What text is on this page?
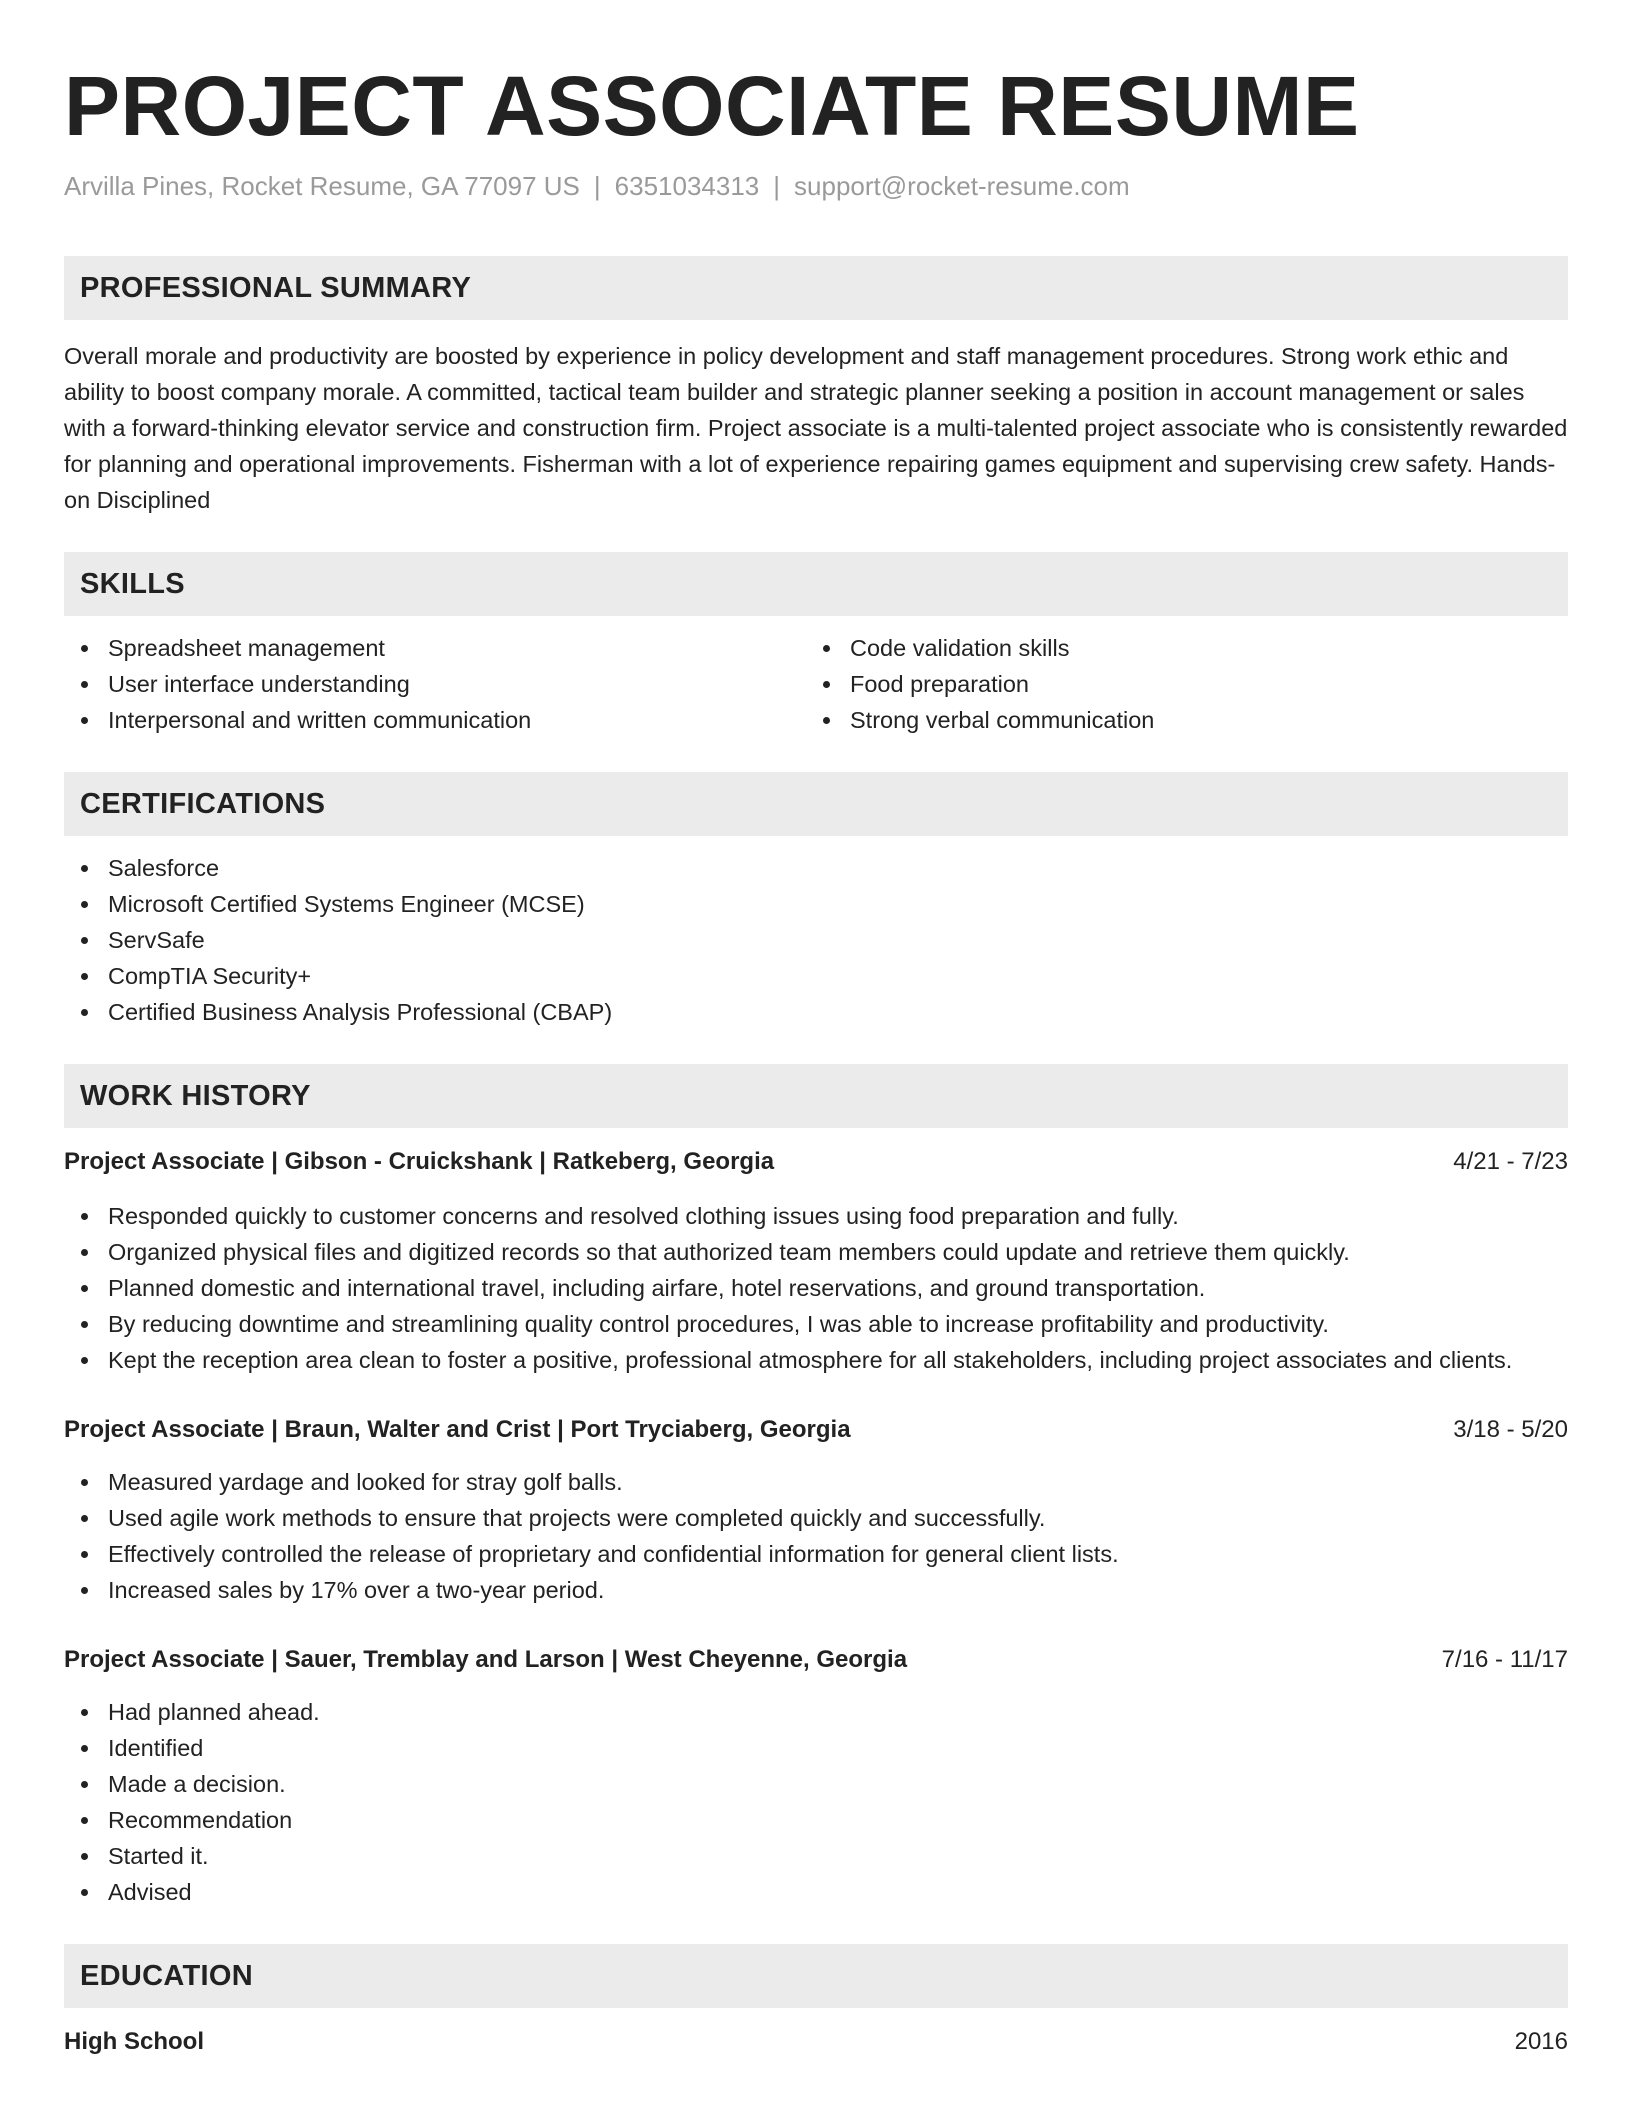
PROJECT ASSOCIATE RESUME
Arvilla Pines, Rocket Resume, GA 77097 US | 6351034313 | support@rocket-resume.com
PROFESSIONAL SUMMARY

Overall morale and productivity are boosted by experience in policy development and staff management procedures. Strong work ethic and ability to boost company morale. A committed, tactical team builder and strategic planner seeking a position in account management or sales with a forward-thinking elevator service and construction firm. Project associate is a multi-talented project associate who is consistently rewarded for planning and operational improvements. Fisherman with a lot of experience repairing games equipment and supervising crew safety. Hands-on Disciplined

SKILLS
Spreadsheet management
User interface understanding
Interpersonal and written communication
Code validation skills
Food preparation
Strong verbal communication
CERTIFICATIONS
Salesforce
Microsoft Certified Systems Engineer (MCSE)
ServSafe
CompTIA Security+
Certified Business Analysis Professional (CBAP)
WORK HISTORY
Project Associate | Gibson - Cruickshank | Ratkeberg, Georgia	4/21 - 7/23
Responded quickly to customer concerns and resolved clothing issues using food preparation and fully.
Organized physical files and digitized records so that authorized team members could update and retrieve them quickly.
Planned domestic and international travel, including airfare, hotel reservations, and ground transportation.
By reducing downtime and streamlining quality control procedures, I was able to increase profitability and productivity.
Kept the reception area clean to foster a positive, professional atmosphere for all stakeholders, including project associates and clients.
Project Associate | Braun, Walter and Crist | Port Tryciaberg, Georgia	3/18 - 5/20
Measured yardage and looked for stray golf balls.
Used agile work methods to ensure that projects were completed quickly and successfully.
Effectively controlled the release of proprietary and confidential information for general client lists.
Increased sales by 17% over a two-year period.
Project Associate | Sauer, Tremblay and Larson | West Cheyenne, Georgia	7/16 - 11/17
Had planned ahead.
Identified
Made a decision.
Recommendation
Started it.
Advised
EDUCATION
High School	2016
